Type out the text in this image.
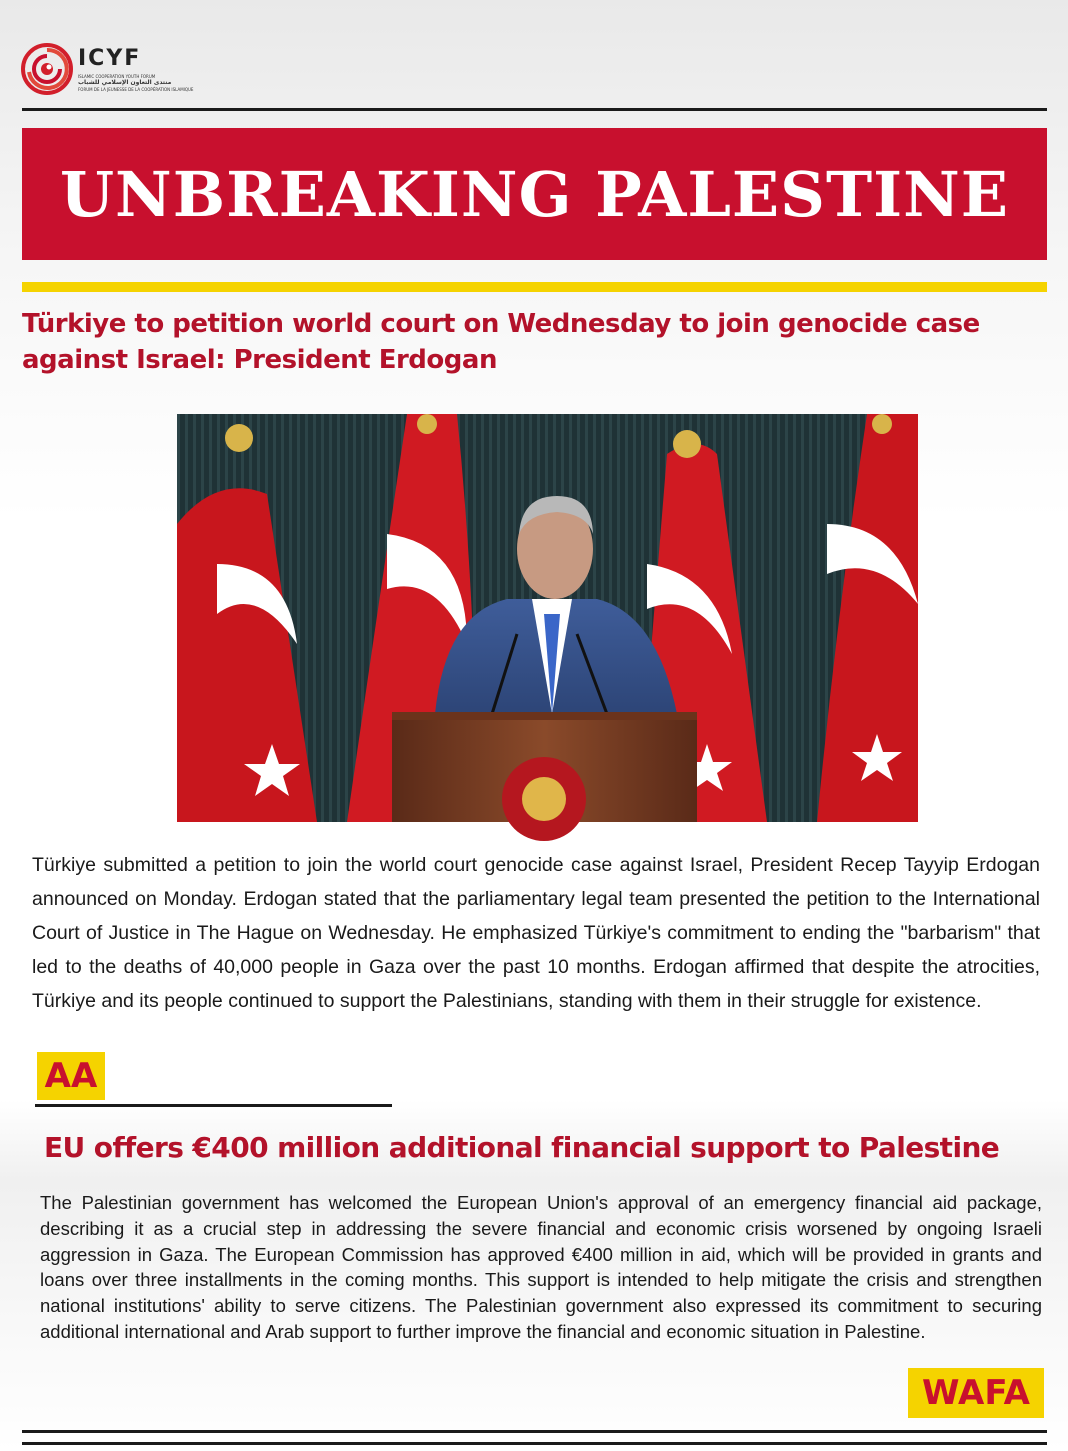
ICYF
ISLAMIC COOPERATION YOUTH FORUM
منتدى التعاون الإسلامي للشباب
FORUM DE LA JEUNESSE DE LA COOPÉRATION ISLAMIQUE
UNBREAKING PALESTINE
Türkiye to petition world court on Wednesday to join genocide case against Israel: President Erdogan
Türkiye submitted a petition to join the world court genocide case against Israel, President Recep Tayyip Erdogan announced on Monday. Erdogan stated that the parliamentary legal team presented the petition to the International Court of Justice in The Hague on Wednesday. He emphasized Türkiye's commitment to ending the "barbarism" that led to the deaths of 40,000 people in Gaza over the past 10 months. Erdogan affirmed that despite the atrocities, Türkiye and its people continued to support the Palestinians, standing with them in their struggle for existence.
AA
EU offers €400 million additional financial support to Palestine
The Palestinian government has welcomed the European Union's approval of an emergency financial aid package, describing it as a crucial step in addressing the severe financial and economic crisis worsened by ongoing Israeli aggression in Gaza. The European Commission has approved €400 million in aid, which will be provided in grants and loans over three installments in the coming months. This support is intended to help mitigate the crisis and strengthen national institutions' ability to serve citizens. The Palestinian government also expressed its commitment to securing additional international and Arab support to further improve the financial and economic situation in Palestine.
WAFA
